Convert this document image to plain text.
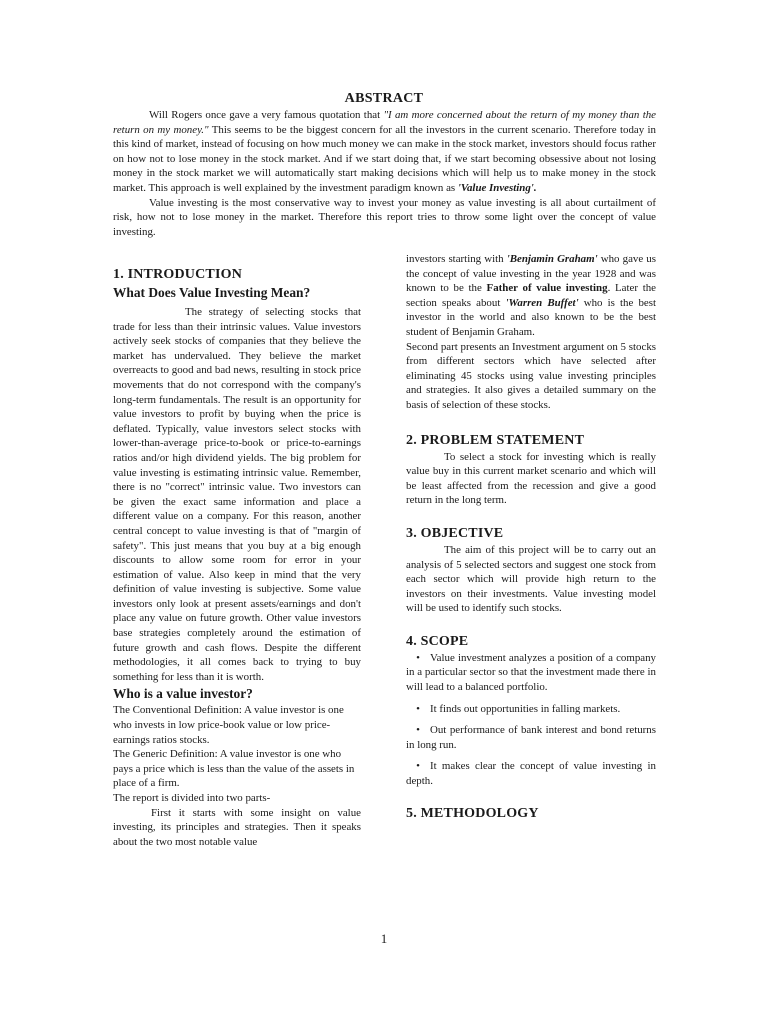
ABSTRACT

Will Rogers once gave a very famous quotation that "I am more concerned about the return of my money than the return on my money." This seems to be the biggest concern for all the investors in the current scenario. Therefore today in this kind of market, instead of focusing on how much money we can make in the stock market, investors should focus rather on how not to lose money in the stock market. And if we start doing that, if we start becoming obsessive about not losing money in the stock market we will automatically start making decisions which will help us to make money in the stock market. This approach is well explained by the investment paradigm known as 'Value Investing'.

Value investing is the most conservative way to invest your money as value investing is all about curtailment of risk, how not to lose money in the market. Therefore this report tries to throw some light over the concept of value investing.

1. INTRODUCTION
What Does Value Investing Mean?

The strategy of selecting stocks that trade for less than their intrinsic values. Value investors actively seek stocks of companies that they believe the market has undervalued. They believe the market overreacts to good and bad news, resulting in stock price movements that do not correspond with the company's long-term fundamentals. The result is an opportunity for value investors to profit by buying when the price is deflated. Typically, value investors select stocks with lower-than-average price-to-book or price-to-earnings ratios and/or high dividend yields. The big problem for value investing is estimating intrinsic value. Remember, there is no "correct" intrinsic value. Two investors can be given the exact same information and place a different value on a company. For this reason, another central concept to value investing is that of "margin of safety". This just means that you buy at a big enough discounts to allow some room for error in your estimation of value. Also keep in mind that the very definition of value investing is subjective. Some value investors only look at present assets/earnings and don't place any value on future growth. Other value investors base strategies completely around the estimation of future growth and cash flows. Despite the different methodologies, it all comes back to trying to buy something for less than it is worth.

Who is a value investor?

The Conventional Definition: A value investor is one who invests in low price-book value or low price-earnings ratios stocks.

The Generic Definition: A value investor is one who pays a price which is less than the value of the assets in place of a firm.

The report is divided into two parts-

First it starts with some insight on value investing, its principles and strategies. Then it speaks about the two most notable value

investors starting with 'Benjamin Graham' who gave us the concept of value investing in the year 1928 and was known to be the Father of value investing. Later the section speaks about 'Warren Buffet' who is the best investor in the world and also known to be the best student of Benjamin Graham.

Second part presents an Investment argument on 5 stocks from different sectors which have selected after eliminating 45 stocks using value investing principles and strategies. It also gives a detailed summary on the basis of selection of these stocks.

2. PROBLEM STATEMENT

To select a stock for investing which is really value buy in this current market scenario and which will be least affected from the recession and give a good return in the long term.

3. OBJECTIVE

The aim of this project will be to carry out an analysis of 5 selected sectors and suggest one stock from each sector which will provide high return to the investors on their investments. Value investing model will be used to identify such stocks.

4. SCOPE
• Value investment analyzes a position of a company in a particular sector so that the investment made there in will lead to a balanced portfolio.
• It finds out opportunities in falling markets.
• Out performance of bank interest and bond returns in long run.
• It makes clear the concept of value investing in depth.
5. METHODOLOGY
1
